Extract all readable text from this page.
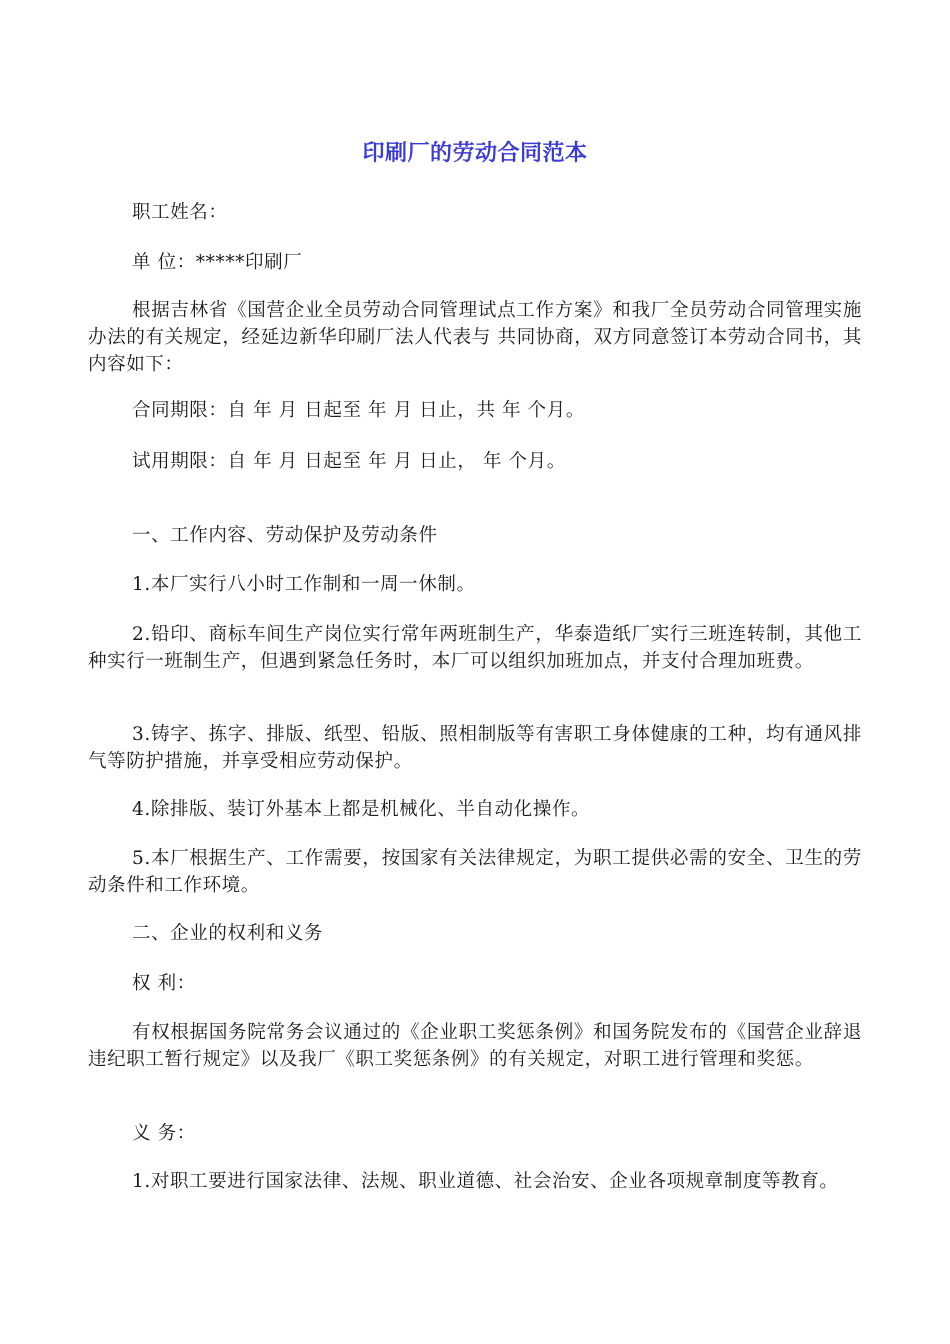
印刷厂的劳动合同范本

职工姓名：

单 位：*****印刷厂

根据吉林省《国营企业全员劳动合同管理试点工作方案》和我厂全员劳动合同管理实施办法的有关规定，经延边新华印刷厂法人代表与 共同协商，双方同意签订本劳动合同书，其内容如下：

合同期限：自 年 月 日起至 年 月 日止，共 年 个月。

试用期限：自 年 月 日起至 年 月 日止， 年 个月。

一、工作内容、劳动保护及劳动条件

1.本厂实行八小时工作制和一周一休制。

2.铅印、商标车间生产岗位实行常年两班制生产，华泰造纸厂实行三班连转制，其他工种实行一班制生产，但遇到紧急任务时，本厂可以组织加班加点，并支付合理加班费。

3.铸字、拣字、排版、纸型、铅版、照相制版等有害职工身体健康的工种，均有通风排气等防护措施，并享受相应劳动保护。

4.除排版、装订外基本上都是机械化、半自动化操作。

5.本厂根据生产、工作需要，按国家有关法律规定，为职工提供必需的安全、卫生的劳动条件和工作环境。

二、企业的权利和义务

权 利：

有权根据国务院常务会议通过的《企业职工奖惩条例》和国务院发布的《国营企业辞退违纪职工暂行规定》以及我厂《职工奖惩条例》的有关规定，对职工进行管理和奖惩。

义 务：

1.对职工要进行国家法律、法规、职业道德、社会治安、企业各项规章制度等教育。
